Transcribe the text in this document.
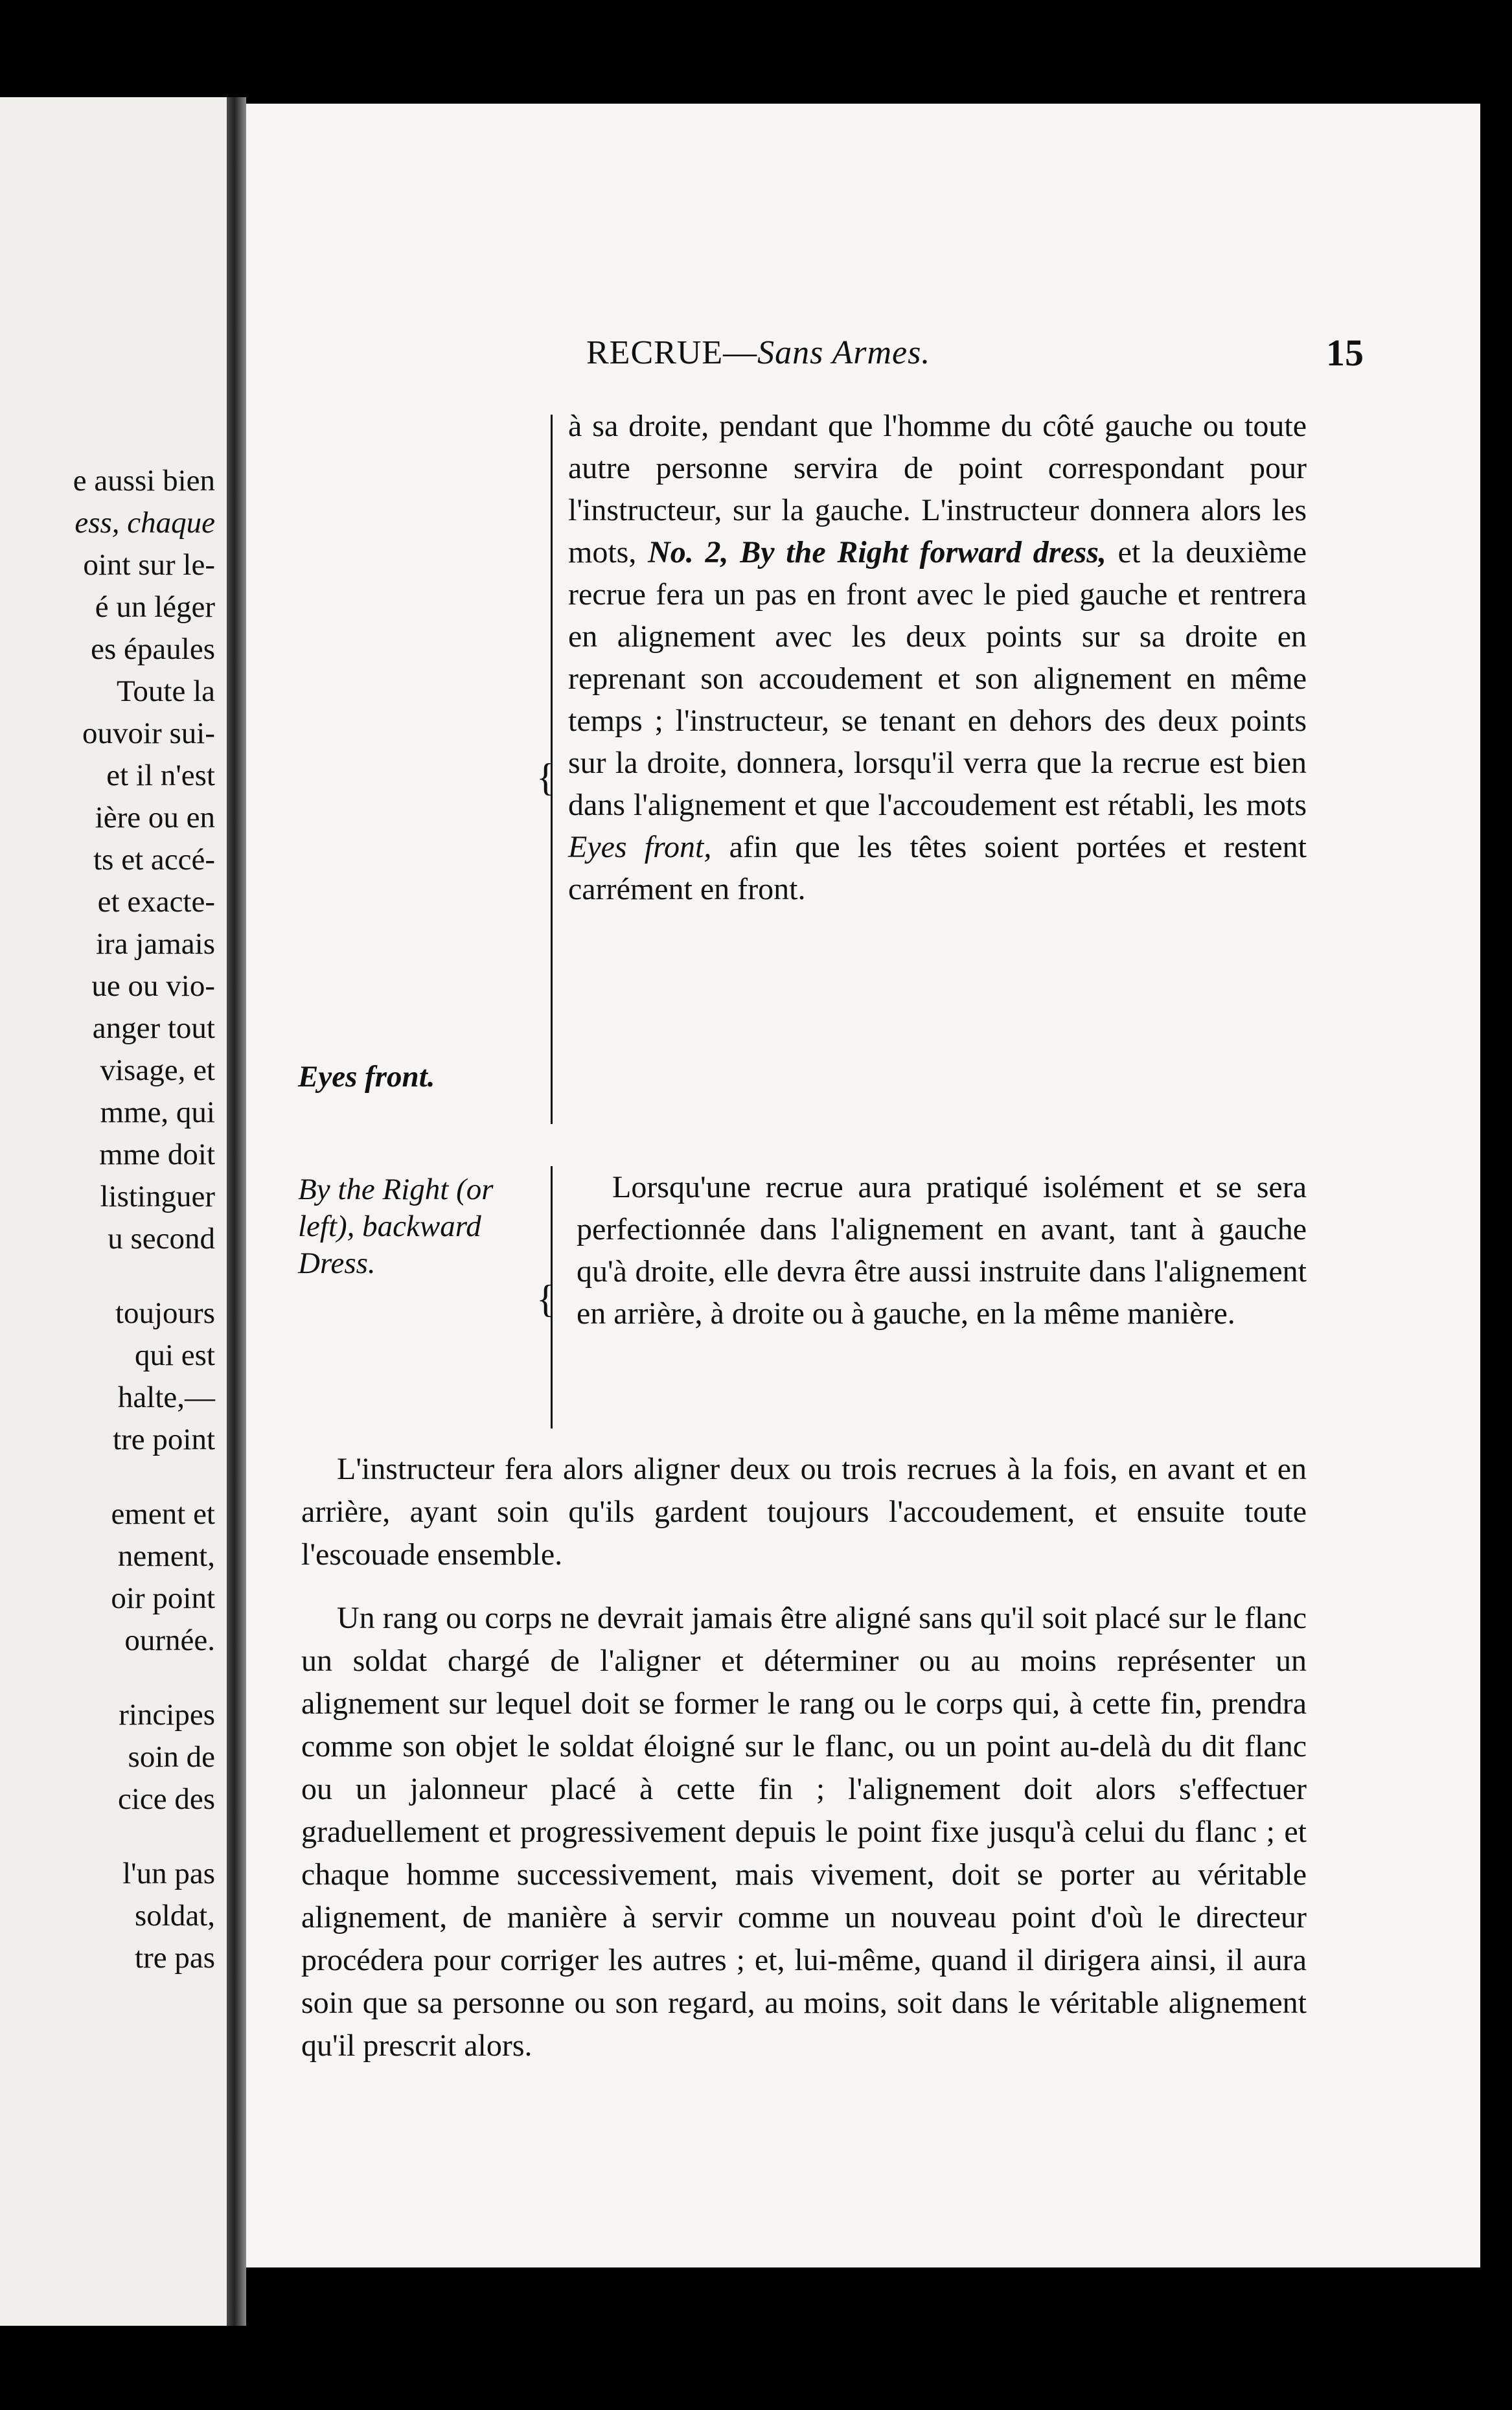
e aussi bien
ess, chaque
oint sur le-
é un léger
es épaules
Toute la
ouvoir sui-
et il n'est
ière ou en
ts et accé-
et exacte-
ira jamais
ue ou vio-
anger tout
visage, et
mme, qui
mme doit
listinguer
u second
toujours
qui est
halte,—
tre point
ement et
nement,
oir point
ournée.
rincipes
soin de
cice des
l'un pas
soldat,
tre pas
RECRUE—Sans Armes.	15
{
à sa droite, pendant que l'homme du côté gauche ou toute autre personne servira de point correspondant pour l'instructeur, sur la gauche. L'instructeur donnera alors les mots, No. 2, By the Right forward dress, et la deuxième recrue fera un pas en front avec le pied gauche et rentrera en alignement avec les deux points sur sa droite en reprenant son accoudement et son alignement en même temps ; l'instructeur, se tenant en dehors des deux points sur la droite, donnera, lorsqu'il verra que la recrue est bien dans l'alignement et que l'accoudement est rétabli, les mots Eyes front, afin que les têtes soient portées et restent carrément en front.
Eyes front.
By the Right (or left), backward Dress.
{
Lorsqu'une recrue aura pratiqué isolément et se sera perfectionnée dans l'alignement en avant, tant à gauche qu'à droite, elle devra être aussi instruite dans l'alignement en arrière, à droite ou à gauche, en la même manière.
L'instructeur fera alors aligner deux ou trois recrues à la fois, en avant et en arrière, ayant soin qu'ils gardent toujours l'accoudement, et ensuite toute l'escouade ensemble.
Un rang ou corps ne devrait jamais être aligné sans qu'il soit placé sur le flanc un soldat chargé de l'aligner et déterminer ou au moins représenter un alignement sur lequel doit se former le rang ou le corps qui, à cette fin, prendra comme son objet le soldat éloigné sur le flanc, ou un point au-delà du dit flanc ou un jalonneur placé à cette fin ; l'alignement doit alors s'effectuer graduellement et progressivement depuis le point fixe jusqu'à celui du flanc ; et chaque homme successivement, mais vivement, doit se porter au véritable alignement, de manière à servir comme un nouveau point d'où le directeur procédera pour corriger les autres ; et, lui-même, quand il dirigera ainsi, il aura soin que sa personne ou son regard, au moins, soit dans le véritable alignement qu'il prescrit alors.
